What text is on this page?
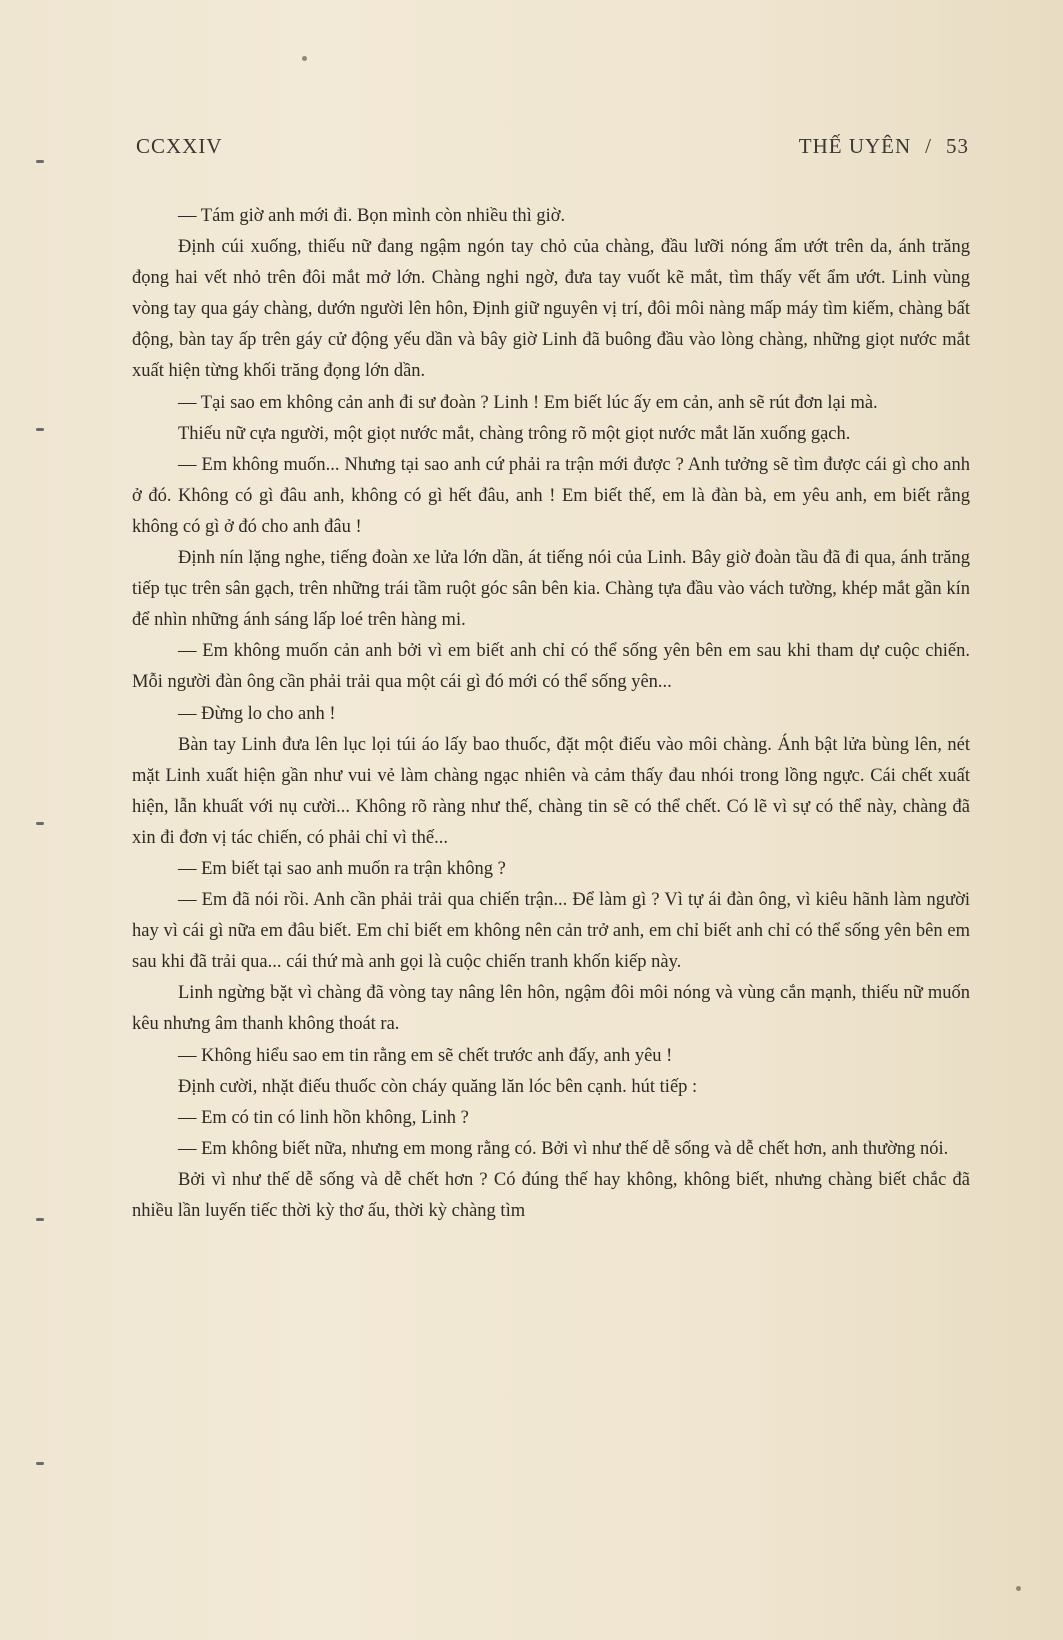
CCXXIV	THẾ UYÊN / 53

— Tám giờ anh mới đi. Bọn mình còn nhiều thì giờ.

Định cúi xuống, thiếu nữ đang ngậm ngón tay chỏ của chàng, đầu lưỡi nóng ẩm ướt trên da, ánh trăng đọng hai vết nhỏ trên đôi mắt mở lớn. Chàng nghi ngờ, đưa tay vuốt kẽ mắt, tìm thấy vết ẩm ướt. Linh vùng vòng tay qua gáy chàng, dướn người lên hôn, Định giữ nguyên vị trí, đôi môi nàng mấp máy tìm kiếm, chàng bất động, bàn tay ấp trên gáy cử động yếu dần và bây giờ Linh đã buông đầu vào lòng chàng, những giọt nước mắt xuất hiện từng khối trăng đọng lớn dần.

— Tại sao em không cản anh đi sư đoàn ? Linh ! Em biết lúc ấy em cản, anh sẽ rút đơn lại mà.

Thiếu nữ cựa người, một giọt nước mắt, chàng trông rõ một giọt nước mắt lăn xuống gạch.

— Em không muốn... Nhưng tại sao anh cứ phải ra trận mới được ? Anh tưởng sẽ tìm được cái gì cho anh ở đó. Không có gì đâu anh, không có gì hết đâu, anh ! Em biết thế, em là đàn bà, em yêu anh, em biết rằng không có gì ở đó cho anh đâu !

Định nín lặng nghe, tiếng đoàn xe lửa lớn dần, át tiếng nói của Linh. Bây giờ đoàn tầu đã đi qua, ánh trăng tiếp tục trên sân gạch, trên những trái tầm ruột góc sân bên kia. Chàng tựa đầu vào vách tường, khép mắt gần kín để nhìn những ánh sáng lấp loé trên hàng mi.

— Em không muốn cản anh bởi vì em biết anh chỉ có thể sống yên bên em sau khi tham dự cuộc chiến. Mỗi người đàn ông cần phải trải qua một cái gì đó mới có thể sống yên...

— Đừng lo cho anh !

Bàn tay Linh đưa lên lục lọi túi áo lấy bao thuốc, đặt một điếu vào môi chàng. Ánh bật lửa bùng lên, nét mặt Linh xuất hiện gần như vui vẻ làm chàng ngạc nhiên và cảm thấy đau nhói trong lồng ngực. Cái chết xuất hiện, lẫn khuất với nụ cười... Không rõ ràng như thế, chàng tin sẽ có thể chết. Có lẽ vì sự có thể này, chàng đã xin đi đơn vị tác chiến, có phải chỉ vì thế...

— Em biết tại sao anh muốn ra trận không ?

— Em đã nói rồi. Anh cần phải trải qua chiến trận... Để làm gì ? Vì tự ái đàn ông, vì kiêu hãnh làm người hay vì cái gì nữa em đâu biết. Em chỉ biết em không nên cản trở anh, em chỉ biết anh chỉ có thể sống yên bên em sau khi đã trải qua... cái thứ mà anh gọi là cuộc chiến tranh khốn kiếp này.

Linh ngừng bặt vì chàng đã vòng tay nâng lên hôn, ngậm đôi môi nóng và vùng cắn mạnh, thiếu nữ muốn kêu nhưng âm thanh không thoát ra.

— Không hiểu sao em tin rằng em sẽ chết trước anh đấy, anh yêu !

Định cười, nhặt điếu thuốc còn cháy quăng lăn lóc bên cạnh. hút tiếp :

— Em có tin có linh hồn không, Linh ?

— Em không biết nữa, nhưng em mong rằng có. Bởi vì như thế dễ sống và dễ chết hơn, anh thường nói.

Bởi vì như thế dễ sống và dễ chết hơn ? Có đúng thế hay không, không biết, nhưng chàng biết chắc đã nhiều lần luyến tiếc thời kỳ thơ ấu, thời kỳ chàng tìm
